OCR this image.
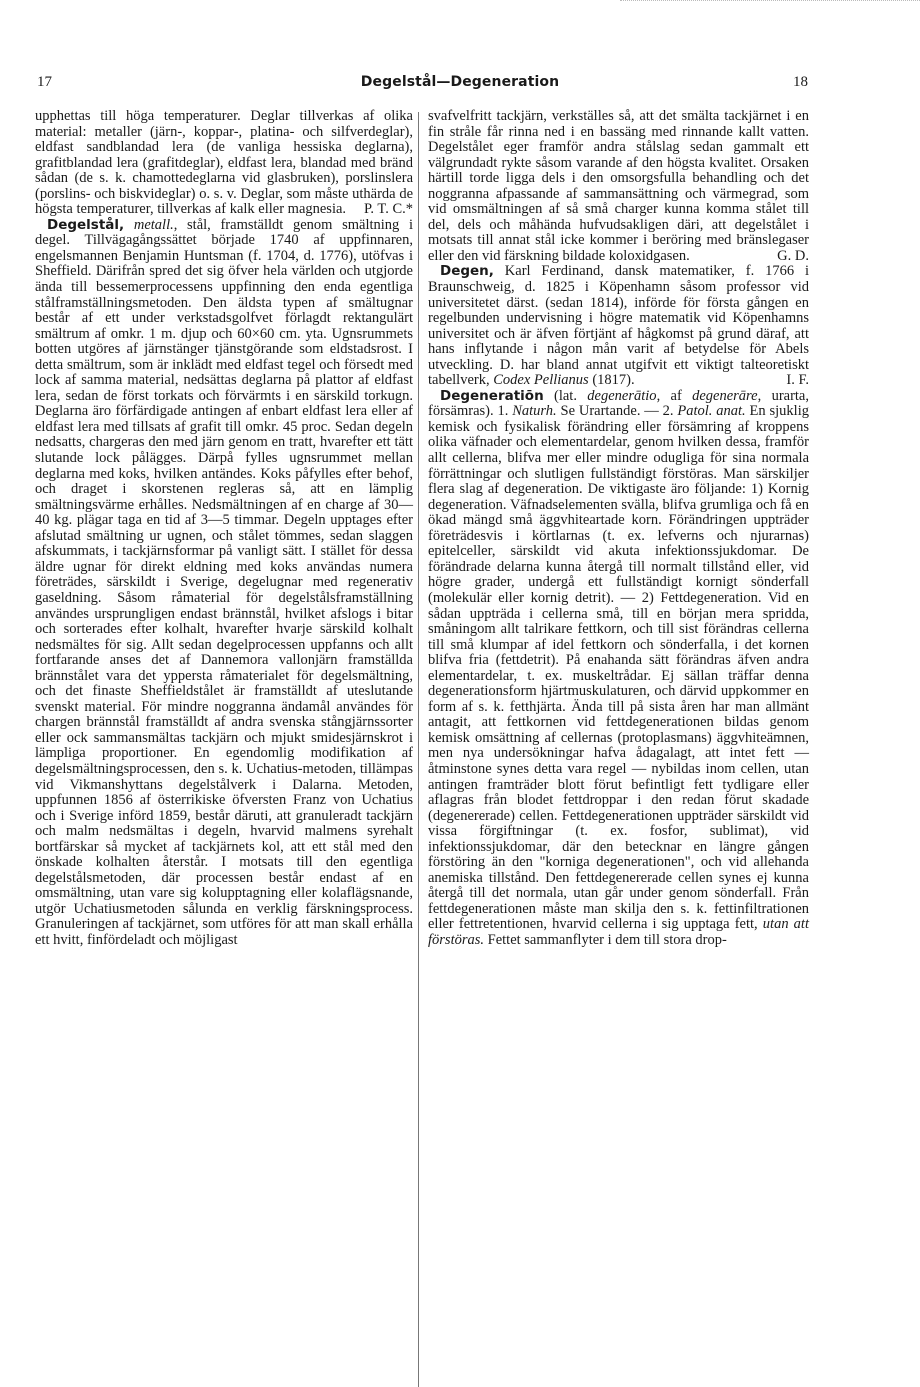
17	Degelstål—Degeneration	18

upphettas till höga temperaturer. Deglar tillverkas af olika material: metaller (järn-, koppar-, platina- och silfverdeglar), eldfast sandblandad lera (de vanliga hessiska deglarna), grafitblandad lera (grafitdeglar), eldfast lera, blandad med bränd sådan (de s. k. chamottedeglarna vid glasbruken), porslinslera (porslins- och biskvideglar) o. s. v. Deglar, som måste uthärda de högsta temperaturer, tillverkas af kalk eller magnesia. P. T. C.*

Degelstål, metall., stål, framställdt genom smältning i degel. Tillvägagångssättet började 1740 af uppfinnaren, engelsmannen Benjamin Huntsman (f. 1704, d. 1776), utöfvas i Sheffield. Därifrån spred det sig öfver hela världen och utgjorde ända till bessemerprocessens uppfinning den enda egentliga stålframställningsmetoden. Den äldsta typen af smältugnar består af ett under verkstadsgolfvet förlagdt rektangulärt smältrum af omkr. 1 m. djup och 60×60 cm. yta. Ugnsrummets botten utgöres af järnstänger tjänstgörande som eldstadsrost. I detta smältrum, som är inklädt med eldfast tegel och försedt med lock af samma material, nedsättas deglarna på plattor af eldfast lera, sedan de först torkats och förvärmts i en särskild torkugn. Deglarna äro förfärdigade antingen af enbart eldfast lera eller af eldfast lera med tillsats af grafit till omkr. 45 proc. Sedan degeln nedsatts, chargeras den med järn genom en tratt, hvarefter ett tätt slutande lock pålägges. Därpå fylles ugnsrummet mellan deglarna med koks, hvilken antändes. Koks påfylles efter behof, och draget i skorstenen regleras så, att en lämplig smältningsvärme erhålles. Nedsmältningen af en charge af 30—40 kg. plägar taga en tid af 3—5 timmar. Degeln upptages efter afslutad smältning ur ugnen, och stålet tömmes, sedan slaggen afskummats, i tackjärnsformar på vanligt sätt. I stället för dessa äldre ugnar för direkt eldning med koks användas numera företrädes, särskildt i Sverige, degelugnar med regenerativ gaseldning. Såsom råmaterial för degelstålsframställning användes ursprungligen endast brännstål, hvilket afslogs i bitar och sorterades efter kolhalt, hvarefter hvarje särskild kolhalt nedsmältes för sig. Allt sedan degelprocessen uppfanns och allt fortfarande anses det af Dannemora vallonjärn framställda brännstålet vara det yppersta råmaterialet för degelsmältning, och det finaste Sheffieldstålet är framställdt af uteslutande svenskt material. För mindre noggranna ändamål användes för chargen brännstål framställdt af andra svenska stångjärnssorter eller ock sammansmältas tackjärn och mjukt smidesjärnskrot i lämpliga proportioner. En egendomlig modifikation af degelsmältningsprocessen, den s. k. Uchatius-metoden, tillämpas vid Vikmanshyttans degelstålverk i Dalarna. Metoden, uppfunnen 1856 af österrikiske öfversten Franz von Uchatius och i Sverige införd 1859, består däruti, att granuleradt tackjärn och malm nedsmältas i degeln, hvarvid malmens syrehalt bortfärskar så mycket af tackjärnets kol, att ett stål med den önskade kolhalten återstår. I motsats till den egentliga degelstålsmetoden, där processen består endast af en omsmältning, utan vare sig kolupptagning eller kolaflägsnande, utgör Uchatiusmetoden sålunda en verklig färskningsprocess. Granuleringen af tackjärnet, som utföres för att man skall erhålla ett hvitt, finfördeladt och möjligast

svafvelfritt tackjärn, verkställes så, att det smälta tackjärnet i en fin stråle får rinna ned i en bassäng med rinnande kallt vatten. Degelstålet eger framför andra stålslag sedan gammalt ett välgrundadt rykte såsom varande af den högsta kvalitet. Orsaken härtill torde ligga dels i den omsorgsfulla behandling och det noggranna afpassande af sammansättning och värmegrad, som vid omsmältningen af så små charger kunna komma stålet till del, dels och måhända hufvudsakligen däri, att degelstålet i motsats till annat stål icke kommer i beröring med bränslegaser eller den vid färskning bildade koloxidgasen.	G. D.

Degen, Karl Ferdinand, dansk matematiker, f. 1766 i Braunschweig, d. 1825 i Köpenhamn såsom professor vid universitetet därst. (sedan 1814), införde för första gången en regelbunden undervisning i högre matematik vid Köpenhamns universitet och är äfven förtjänt af hågkomst på grund däraf, att hans inflytande i någon mån varit af betydelse för Abels utveckling. D. har bland annat utgifvit ett viktigt talteoretiskt tabellverk, Codex Pellianus (1817).	I. F.

Degeneratiōn (lat. degenerātio, af degenerāre, urarta, försämras). 1. Naturh. Se Urartande. — 2. Patol. anat. En sjuklig kemisk och fysikalisk förändring eller försämring af kroppens olika väfnader och elementardelar, genom hvilken dessa, framför allt cellerna, blifva mer eller mindre odugliga för sina normala förrättningar och slutligen fullständigt förstöras. Man särskiljer flera slag af degeneration. De viktigaste äro följande: 1) Kornig degeneration. Väfnadselementen svälla, blifva grumliga och få en ökad mängd små äggvhiteartade korn. Förändringen uppträder företrädesvis i körtlarnas (t. ex. lefverns och njurarnas) epitelceller, särskildt vid akuta infektionssjukdomar. De förändrade delarna kunna återgå till normalt tillstånd eller, vid högre grader, undergå ett fullständigt kornigt sönderfall (molekulär eller kornig detrit). — 2) Fettdegeneration. Vid en sådan uppträda i cellerna små, till en början mera spridda, småningom allt talrikare fettkorn, och till sist förändras cellerna till små klumpar af idel fettkorn och sönderfalla, i det kornen blifva fria (fettdetrit). På enahanda sätt förändras äfven andra elementardelar, t. ex. muskeltrådar. Ej sällan träffar denna degenerationsform hjärtmuskulaturen, och därvid uppkommer en form af s. k. fetthjärta. Ända till på sista åren har man allmänt antagit, att fettkornen vid fettdegenerationen bildas genom kemisk omsättning af cellernas (protoplasmans) äggvhiteämnen, men nya undersökningar hafva ådagalagt, att intet fett — åtminstone synes detta vara regel — nybildas inom cellen, utan antingen framträder blott förut befintligt fett tydligare eller aflagras från blodet fettdroppar i den redan förut skadade (degenererade) cellen. Fettdegenerationen uppträder särskildt vid vissa förgiftningar (t. ex. fosfor, sublimat), vid infektionssjukdomar, där den betecknar en längre gången förstöring än den "korniga degenerationen", och vid allehanda anemiska tillstånd. Den fettdegenererade cellen synes ej kunna återgå till det normala, utan går under genom sönderfall. Från fettdegenerationen måste man skilja den s. k. fettinfiltrationen eller fettretentionen, hvarvid cellerna i sig upptaga fett, utan att förstöras. Fettet sammanflyter i dem till stora drop-
